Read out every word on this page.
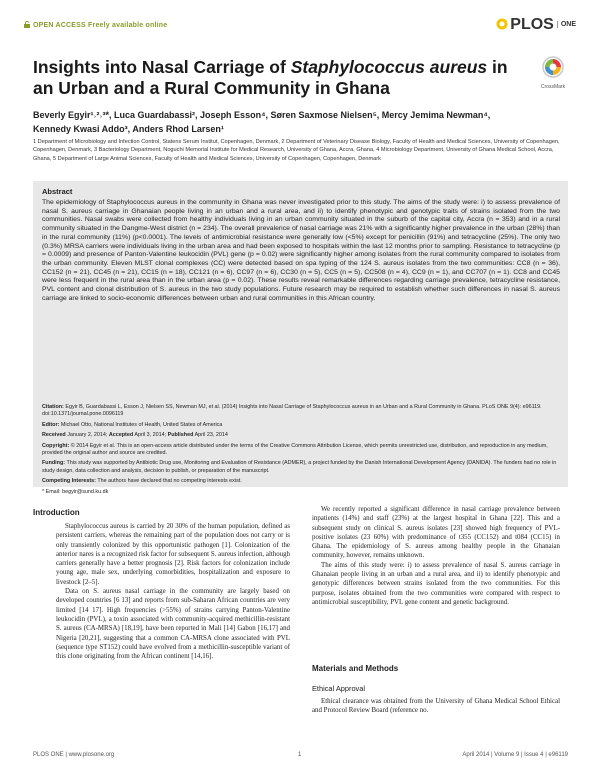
OPEN ACCESS Freely available online	PLOS ONE
Insights into Nasal Carriage of Staphylococcus aureus in an Urban and a Rural Community in Ghana	CrossMark
Beverly Egyir¹˒²˒³*, Luca Guardabassi², Joseph Esson⁴, Søren Saxmose Nielsen⁵, Mercy Jemima Newman⁴,
Kennedy Kwasi Addo³, Anders Rhod Larsen¹
1 Department of Microbiology and Infection Control, Statens Serum Institut, Copenhagen, Denmark, 2 Department of Veterinary Disease Biology, Faculty of Health and Medical Sciences, University of Copenhagen, Copenhagen, Denmark, 3 Bacteriology Department, Noguchi Memorial Institute for Medical Research, University of Ghana, Accra, Ghana, 4 Microbiology Department, University of Ghana Medical School, Accra, Ghana, 5 Department of Large Animal Sciences, Faculty of Health and Medical Sciences, University of Copenhagen, Copenhagen, Denmark
Abstract
The epidemiology of Staphylococcus aureus in the community in Ghana was never investigated prior to this study. The aims of the study were: i) to assess prevalence of nasal S. aureus carriage in Ghanaian people living in an urban and a rural area, and ii) to identify phenotypic and genotypic traits of strains isolated from the two communities. Nasal swabs were collected from healthy individuals living in an urban community situated in the suburb of the capital city, Accra (n = 353) and in a rural community situated in the Dangme-West district (n = 234). The overall prevalence of nasal carriage was 21% with a significantly higher prevalence in the urban (28%) than in the rural community (11%) (p<0.0001). The levels of antimicrobial resistance were generally low (<5%) except for penicillin (91%) and tetracycline (25%). The only two (0.3%) MRSA carriers were individuals living in the urban area and had been exposed to hospitals within the last 12 months prior to sampling. Resistance to tetracycline (p = 0.0009) and presence of Panton-Valentine leukocidin (PVL) gene (p = 0.02) were significantly higher among isolates from the rural community compared to isolates from the urban community. Eleven MLST clonal complexes (CC) were detected based on spa typing of the 124 S. aureus isolates from the two communities: CC8 (n = 36), CC152 (n = 21), CC45 (n = 21), CC15 (n = 18), CC121 (n = 6), CC97 (n = 6), CC30 (n = 5), CC5 (n = 5), CC508 (n = 4), CC9 (n = 1), and CC707 (n = 1). CC8 and CC45 were less frequent in the rural area than in the urban area (p = 0.02). These results reveal remarkable differences regarding carriage prevalence, tetracycline resistance, PVL content and clonal distribution of S. aureus in the two study populations. Future research may be required to establish whether such differences in nasal S. aureus carriage are linked to socio-economic differences between urban and rural communities in this African country.

Citation: Egyir B, Guardabassi L, Esson J, Nielsen SS, Newman MJ, et al. (2014) Insights into Nasal Carriage of Staphylococcus aureus in an Urban and a Rural Community in Ghana. PLoS ONE 9(4): e96119. doi:10.1371/journal.pone.0096119

Editor: Michael Otto, National Institutes of Health, United States of America

Received January 2, 2014; Accepted April 3, 2014; Published April 23, 2014

Copyright: © 2014 Egyir et al. This is an open-access article distributed under the terms of the Creative Commons Attribution License, which permits unrestricted use, distribution, and reproduction in any medium, provided the original author and source are credited.

Funding: This study was supported by Antibiotic Drug use, Monitoring and Evaluation of Resistance (ADMER), a project funded by the Danish International Development Agency (DANIDA). The funders had no role in study design, data collection and analysis, decision to publish, or preparation of the manuscript.

Competing Interests: The authors have declared that no competing interests exist.

* Email: begyir@sund.ku.dk

Introduction

Staphylococcus aureus is carried by 20 30% of the human population, defined as persistent carriers, whereas the remaining part of the population does not carry or is only transiently colonized by this opportunistic pathogen [1]. Colonization of the anterior nares is a recognized risk factor for subsequent S. aureus infection, although carriers generally have a better prognosis [2]. Risk factors for colonization include young age, male sex, underlying comorbidities, hospitalization and exposure to livestock [2–5].

Data on S. aureus nasal carriage in the community are largely based on developed countries [6 13] and reports from sub-Saharan African countries are very limited [14 17]. High frequencies (>55%) of strains carrying Panton-Valentine leukocidin (PVL), a toxin associated with community-acquired methicillin-resistant S. aureus (CA-MRSA) [18,19], have been reported in Mali [14] Gabon [16,17] and Nigeria [20,21], suggesting that a common CA-MRSA clone associated with PVL (sequence type ST152) could have evolved from a methicillin-susceptible variant of this clone originating from the African continent [14,16].

We recently reported a significant difference in nasal carriage prevalence between inpatients (14%) and staff (23%) at the largest hospital in Ghana [22]. This and a subsequent study on clinical S. aureus isolates [23] showed high frequency of PVL-positive isolates (23 60%) with predominance of t355 (CC152) and t084 (CC15) in Ghana. The epidemiology of S. aureus among healthy people in the Ghanaian community, however, remains unknown.

The aims of this study were: i) to assess prevalence of nasal S. aureus carriage in Ghanaian people living in an urban and a rural area, and ii) to identify phenotypic and genotypic differences between strains isolated from the two communities. For this purpose, isolates obtained from the two communities were compared with respect to antimicrobial susceptibility, PVL gene content and genetic background.

Materials and Methods
Ethical Approval

Ethical clearance was obtained from the University of Ghana Medical School Ethical and Protocol Review Board (reference no.

PLOS ONE | www.plosone.org	1	April 2014 | Volume 9 | Issue 4 | e96119
